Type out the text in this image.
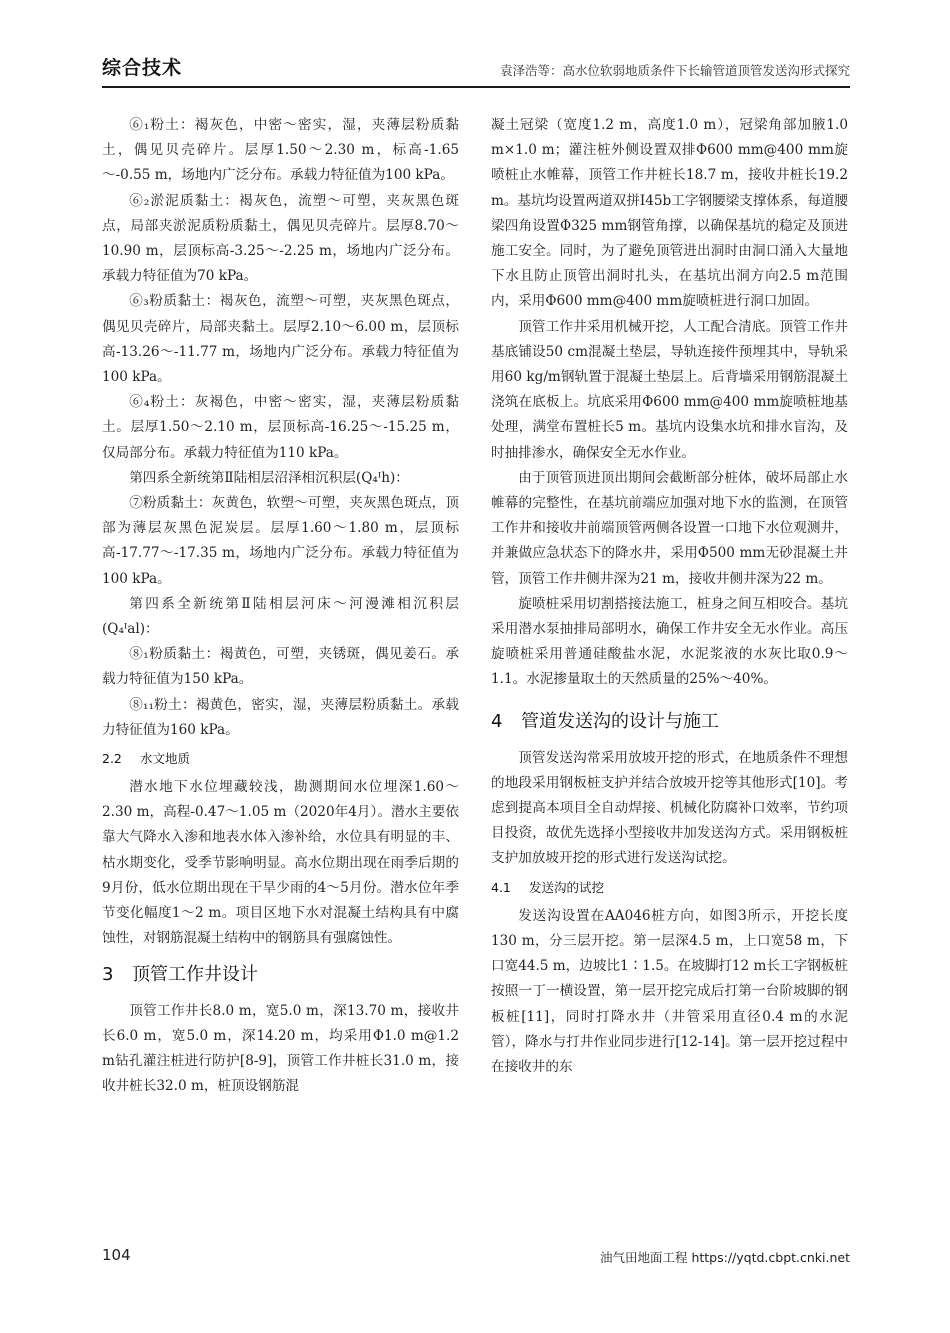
综合技术	袁泽浩等：高水位软弱地质条件下长输管道顶管发送沟形式探究

⑥₁粉土：褐灰色，中密～密实，湿，夹薄层粉质黏土，偶见贝壳碎片。层厚1.50～2.30 m，标高-1.65～-0.55 m，场地内广泛分布。承载力特征值为100 kPa。

⑥₂淤泥质黏土：褐灰色，流塑～可塑，夹灰黑色斑点，局部夹淤泥质粉质黏土，偶见贝壳碎片。层厚8.70～10.90 m，层顶标高-3.25～-2.25 m，场地内广泛分布。承载力特征值为70 kPa。

⑥₃粉质黏土：褐灰色，流塑～可塑，夹灰黑色斑点，偶见贝壳碎片，局部夹黏土。层厚2.10～6.00 m，层顶标高-13.26～-11.77 m，场地内广泛分布。承载力特征值为100 kPa。

⑥₄粉土：灰褐色，中密～密实，湿，夹薄层粉质黏土。层厚1.50～2.10 m，层顶标高-16.25～-15.25 m，仅局部分布。承载力特征值为110 kPa。

第四系全新统第Ⅱ陆相层沼泽相沉积层(Q₄ᴵh)：

⑦粉质黏土：灰黄色，软塑～可塑，夹灰黑色斑点，顶部为薄层灰黑色泥炭层。层厚1.60～1.80 m，层顶标高-17.77～-17.35 m，场地内广泛分布。承载力特征值为100 kPa。

第四系全新统第Ⅱ陆相层河床～河漫滩相沉积层(Q₄ᴵal)：

⑧₁粉质黏土：褐黄色，可塑，夹锈斑，偶见姜石。承载力特征值为150 kPa。

⑧₁₁粉土：褐黄色，密实，湿，夹薄层粉质黏土。承载力特征值为160 kPa。

2.2 水文地质

潜水地下水位埋藏较浅，勘测期间水位埋深1.60～2.30 m，高程-0.47～1.05 m（2020年4月）。潜水主要依靠大气降水入渗和地表水体入渗补给，水位具有明显的丰、枯水期变化，受季节影响明显。高水位期出现在雨季后期的9月份，低水位期出现在干旱少雨的4～5月份。潜水位年季节变化幅度1～2 m。项目区地下水对混凝土结构具有中腐蚀性，对钢筋混凝土结构中的钢筋具有强腐蚀性。

3 顶管工作井设计

顶管工作井长8.0 m，宽5.0 m，深13.70 m，接收井长6.0 m，宽5.0 m，深14.20 m，均采用Φ1.0 m@1.2 m钻孔灌注桩进行防护[8-9]，顶管工作井桩长31.0 m，接收井桩长32.0 m，桩顶设钢筋混

凝土冠梁（宽度1.2 m，高度1.0 m），冠梁角部加腋1.0 m×1.0 m；灌注桩外侧设置双排Φ600 mm@400 mm旋喷桩止水帷幕，顶管工作井桩长18.7 m，接收井桩长19.2 m。基坑均设置两道双拼I45b工字钢腰梁支撑体系，每道腰梁四角设置Φ325 mm钢管角撑，以确保基坑的稳定及顶进施工安全。同时，为了避免顶管进出洞时由洞口涌入大量地下水且防止顶管出洞时扎头，在基坑出洞方向2.5 m范围内，采用Φ600 mm@400 mm旋喷桩进行洞口加固。

顶管工作井采用机械开挖，人工配合清底。顶管工作井基底铺设50 cm混凝土垫层，导轨连接件预埋其中，导轨采用60 kg/m钢轨置于混凝土垫层上。后背墙采用钢筋混凝土浇筑在底板上。坑底采用Φ600 mm@400 mm旋喷桩地基处理，满堂布置桩长5 m。基坑内设集水坑和排水盲沟，及时抽排渗水，确保安全无水作业。

由于顶管顶进顶出期间会截断部分桩体，破坏局部止水帷幕的完整性，在基坑前端应加强对地下水的监测，在顶管工作井和接收井前端顶管两侧各设置一口地下水位观测井，并兼做应急状态下的降水井，采用Φ500 mm无砂混凝土井管，顶管工作井侧井深为21 m，接收井侧井深为22 m。

旋喷桩采用切割搭接法施工，桩身之间互相咬合。基坑采用潜水泵抽排局部明水，确保工作井安全无水作业。高压旋喷桩采用普通硅酸盐水泥，水泥浆液的水灰比取0.9～1.1。水泥掺量取土的天然质量的25%～40%。

4 管道发送沟的设计与施工

顶管发送沟常采用放坡开挖的形式，在地质条件不理想的地段采用钢板桩支护并结合放坡开挖等其他形式[10]。考虑到提高本项目全自动焊接、机械化防腐补口效率，节约项目投资，故优先选择小型接收井加发送沟方式。采用钢板桩支护加放坡开挖的形式进行发送沟试挖。

4.1 发送沟的试挖

发送沟设置在AA046桩方向，如图3所示，开挖长度130 m，分三层开挖。第一层深4.5 m，上口宽58 m，下口宽44.5 m，边坡比1∶1.5。在坡脚打12 m长工字钢板桩按照一丁一横设置，第一层开挖完成后打第一台阶坡脚的钢板桩[11]，同时打降水井（井管采用直径0.4 m的水泥管），降水与打井作业同步进行[12-14]。第一层开挖过程中在接收井的东

104	油气田地面工程 https://yqtd.cbpt.cnki.net
